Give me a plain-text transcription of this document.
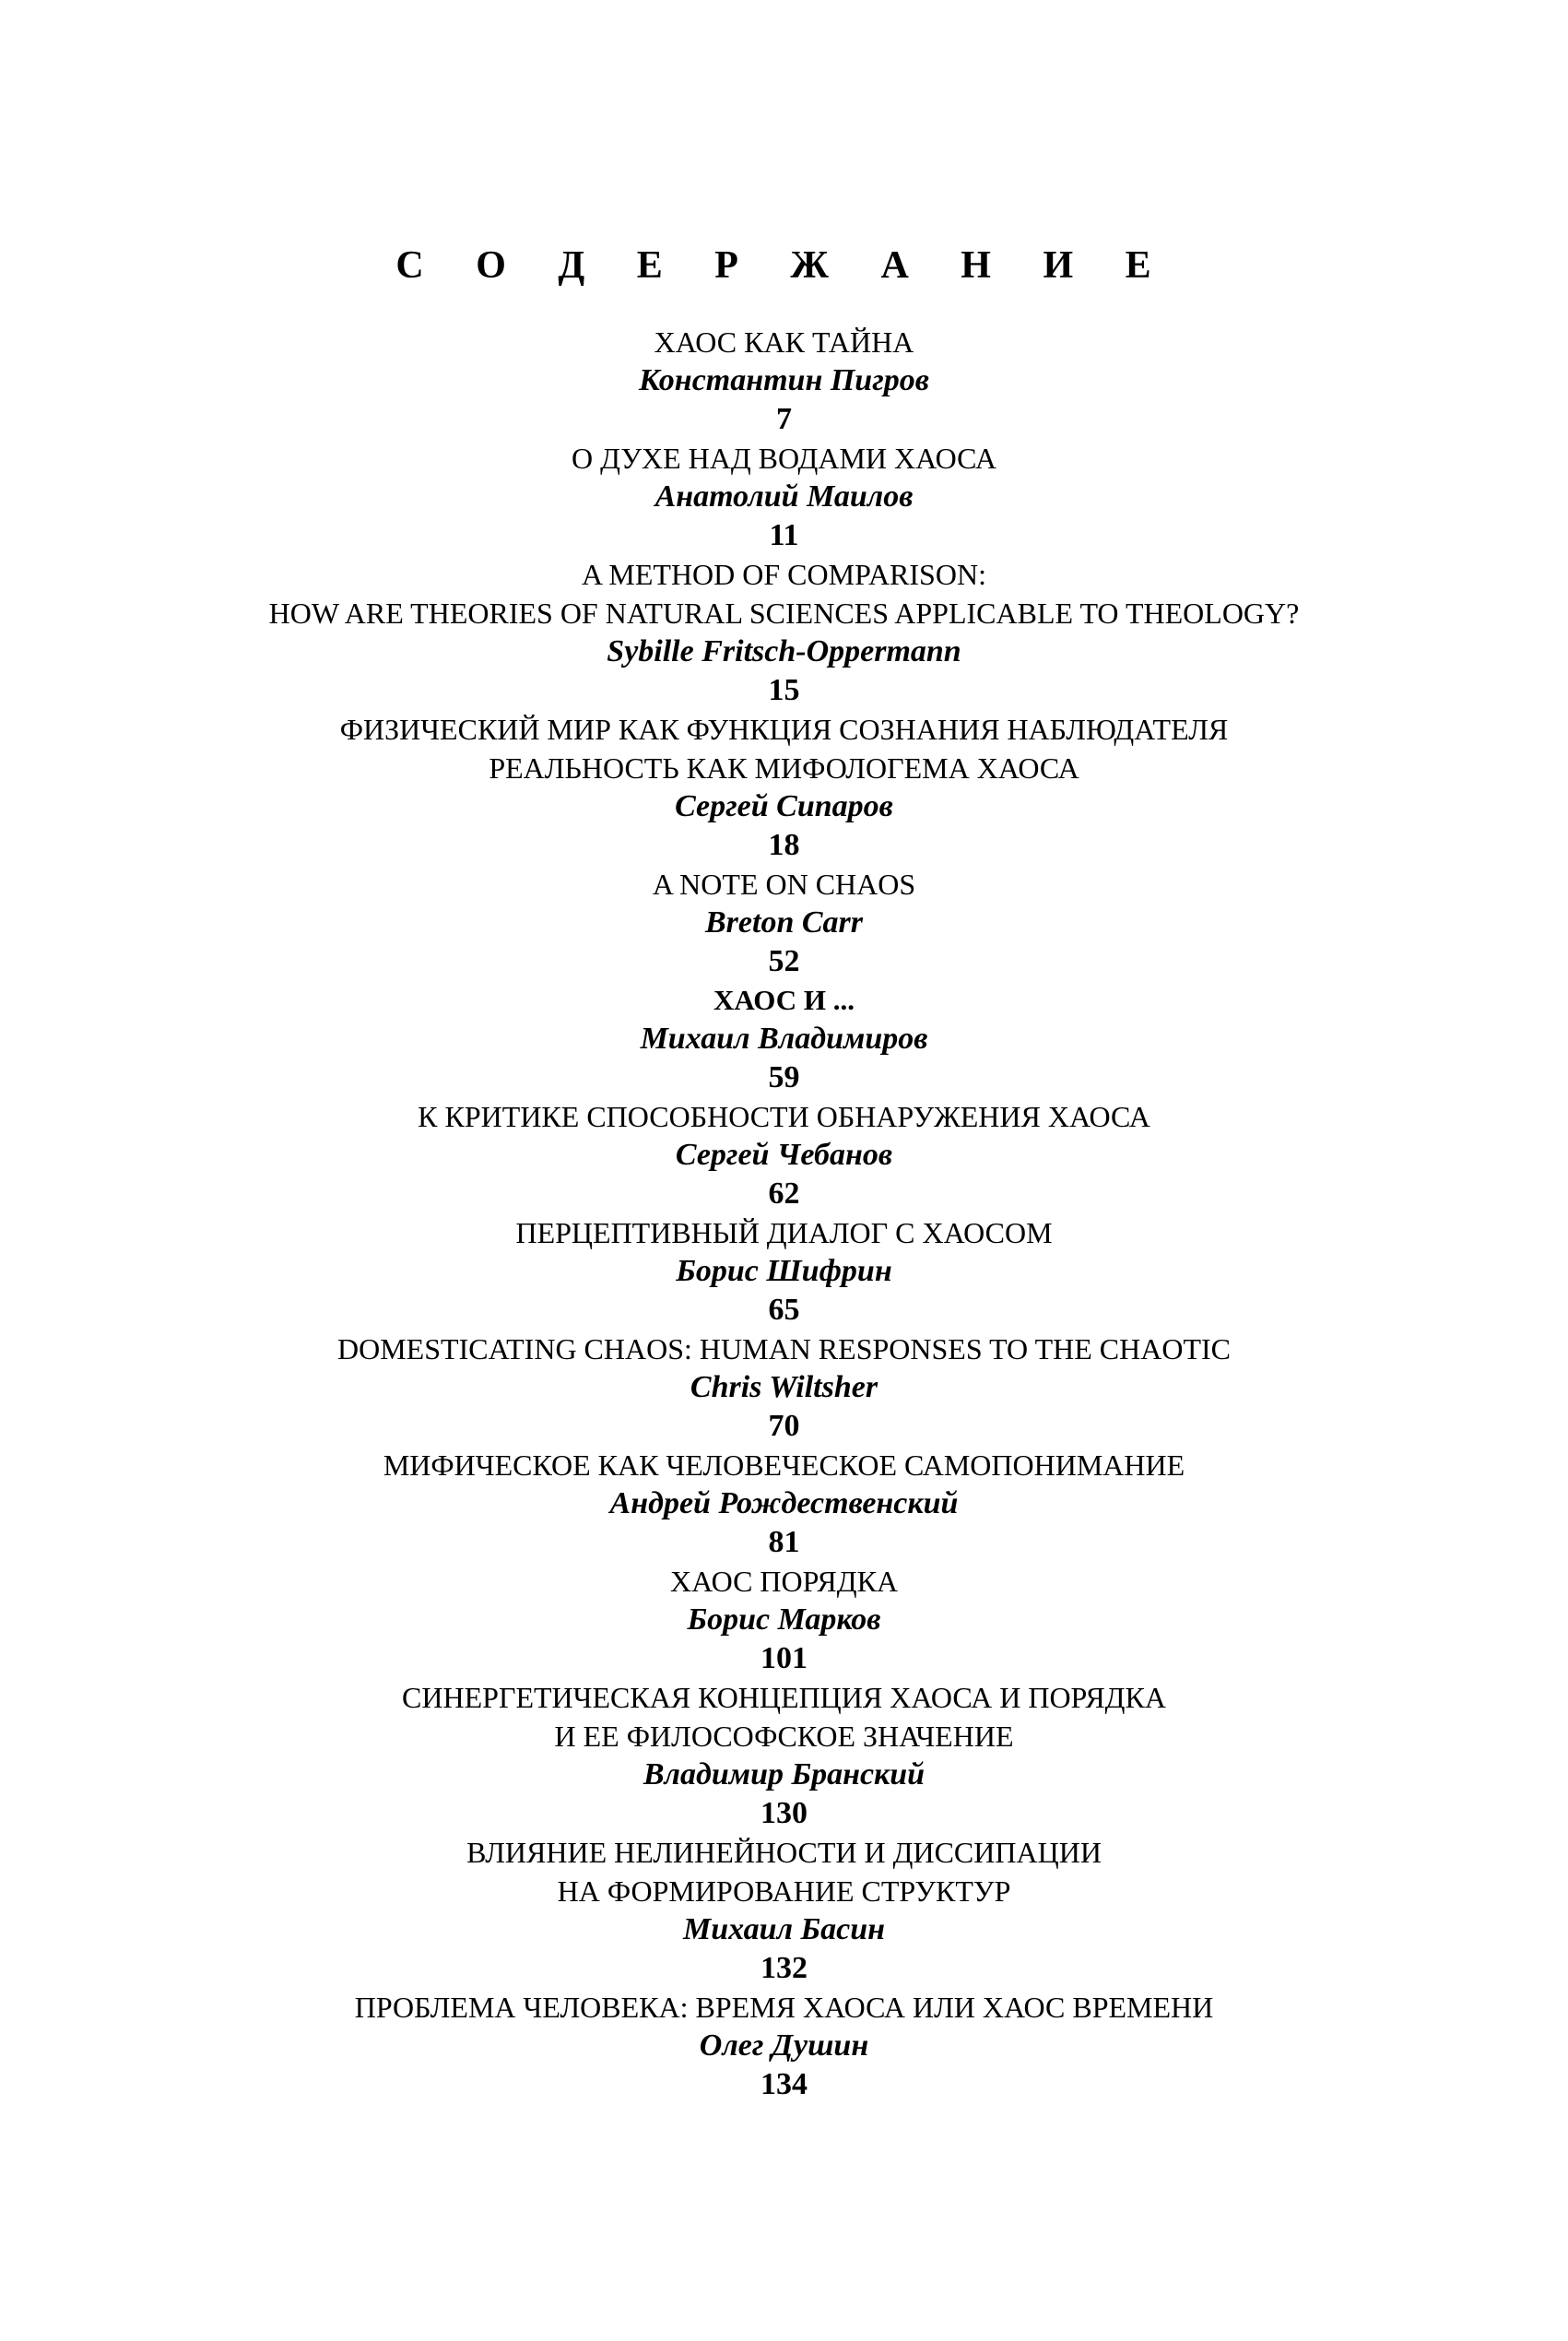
С О Д Е Р Ж А Н И Е
ХАОС КАК ТАЙНА
Константин Пигров
7
О ДУХЕ НАД ВОДАМИ ХАОСА
Анатолий Маилов
11
A METHOD OF COMPARISON:
HOW ARE THEORIES OF NATURAL SCIENCES APPLICABLE TO THEOLOGY?
Sybille Fritsch-Oppermann
15
ФИЗИЧЕСКИЙ МИР КАК ФУНКЦИЯ СОЗНАНИЯ НАБЛЮДАТЕЛЯ
РЕАЛЬНОСТЬ КАК МИФОЛОГЕМА ХАОСА
Сергей Сипаров
18
A NOTE ON CHAOS
Breton Carr
52
ХАОС И ...
Михаил Владимиров
59
К КРИТИКЕ СПОСОБНОСТИ ОБНАРУЖЕНИЯ ХАОСА
Сергей Чебанов
62
ПЕРЦЕПТИВНЫЙ ДИАЛОГ С ХАОСОМ
Борис Шифрин
65
DOMESTICATING CHAOS: HUMAN RESPONSES TO THE CHAOTIC
Chris Wiltsher
70
МИФИЧЕСКОЕ КАК ЧЕЛОВЕЧЕСКОЕ САМОПОНИМАНИЕ
Андрей Рождественский
81
ХАОС ПОРЯДКА
Борис Марков
101
СИНЕРГЕТИЧЕСКАЯ КОНЦЕПЦИЯ ХАОСА И ПОРЯДКА
И ЕЕ ФИЛОСОФСКОЕ ЗНАЧЕНИЕ
Владимир Бранский
130
ВЛИЯНИЕ НЕЛИНЕЙНОСТИ И ДИССИПАЦИИ
НА ФОРМИРОВАНИЕ СТРУКТУР
Михаил Басин
132
ПРОБЛЕМА ЧЕЛОВЕКА: ВРЕМЯ ХАОСА ИЛИ ХАОС ВРЕМЕНИ
Олег Душин
134
